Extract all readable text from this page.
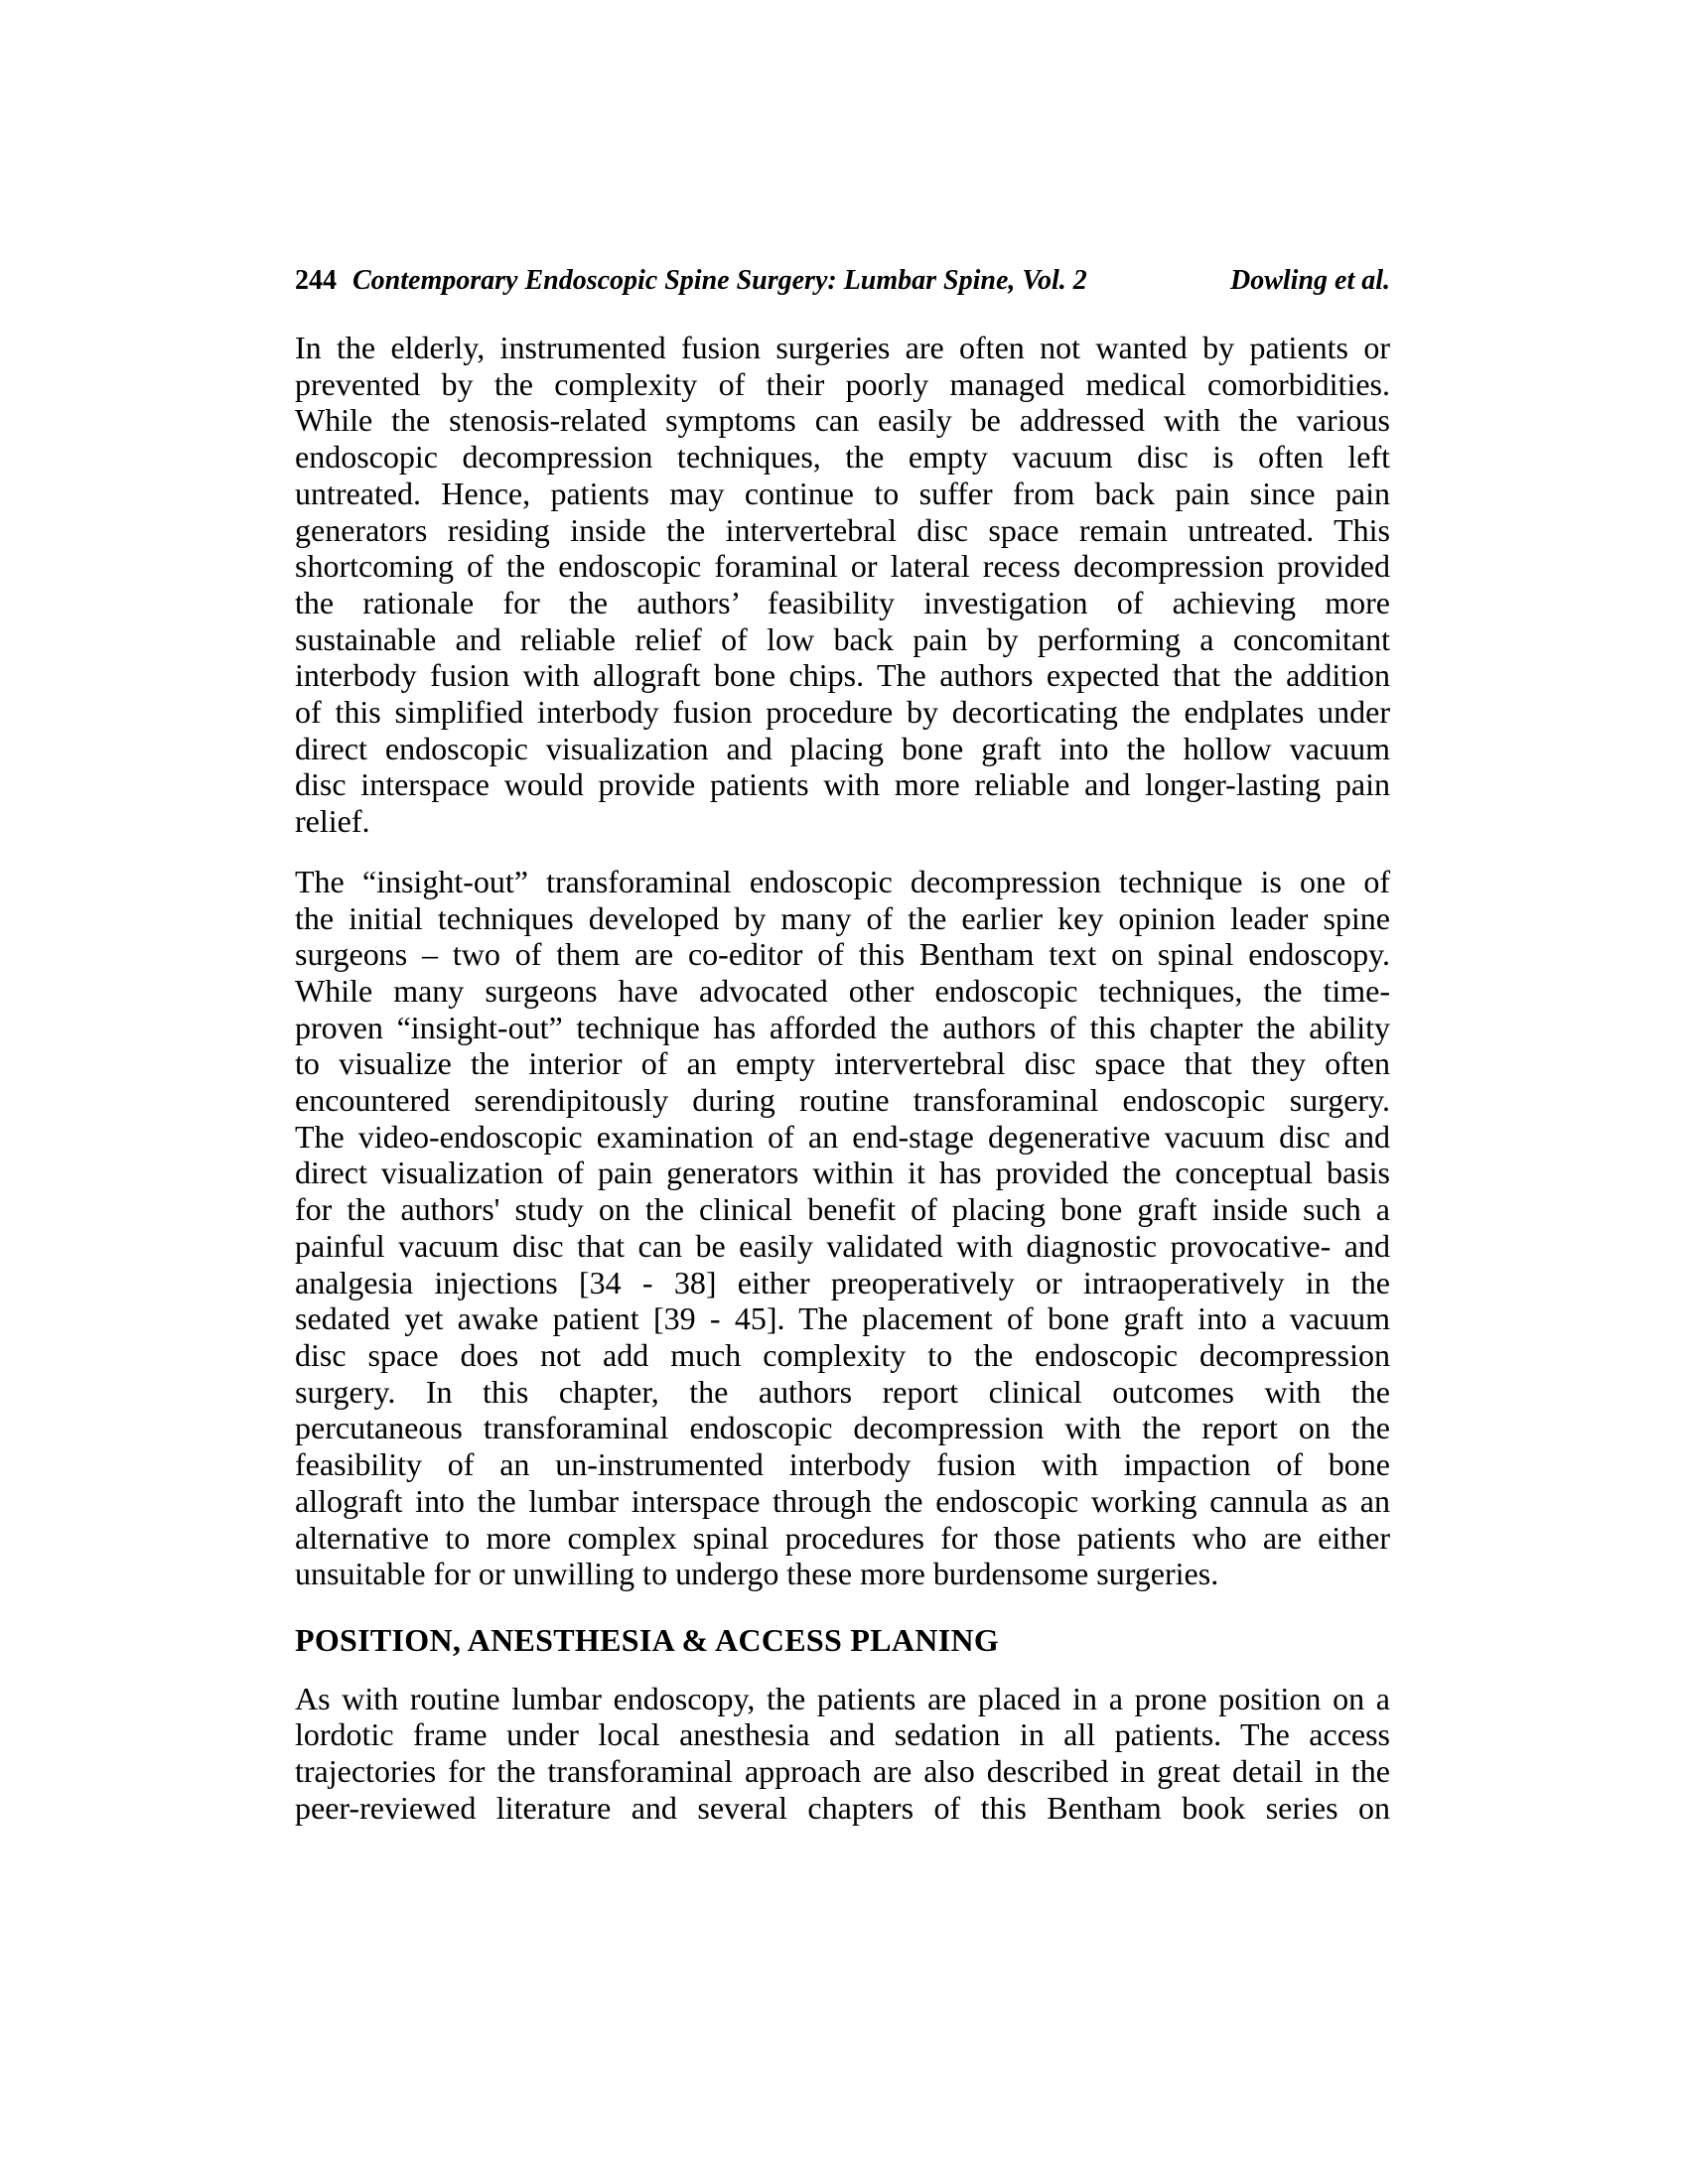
244 Contemporary Endoscopic Spine Surgery: Lumbar Spine, Vol. 2	Dowling et al.
In the elderly, instrumented fusion surgeries are often not wanted by patients or
prevented by the complexity of their poorly managed medical comorbidities.
While the stenosis-related symptoms can easily be addressed with the various
endoscopic decompression techniques, the empty vacuum disc is often left
untreated. Hence, patients may continue to suffer from back pain since pain
generators residing inside the intervertebral disc space remain untreated. This
shortcoming of the endoscopic foraminal or lateral recess decompression provided
the rationale for the authors’ feasibility investigation of achieving more
sustainable and reliable relief of low back pain by performing a concomitant
interbody fusion with allograft bone chips. The authors expected that the addition
of this simplified interbody fusion procedure by decorticating the endplates under
direct endoscopic visualization and placing bone graft into the hollow vacuum
disc interspace would provide patients with more reliable and longer-lasting pain
relief.
The “insight-out” transforaminal endoscopic decompression technique is one of
the initial techniques developed by many of the earlier key opinion leader spine
surgeons – two of them are co-editor of this Bentham text on spinal endoscopy.
While many surgeons have advocated other endoscopic techniques, the time-
proven “insight-out” technique has afforded the authors of this chapter the ability
to visualize the interior of an empty intervertebral disc space that they often
encountered serendipitously during routine transforaminal endoscopic surgery.
The video-endoscopic examination of an end-stage degenerative vacuum disc and
direct visualization of pain generators within it has provided the conceptual basis
for the authors' study on the clinical benefit of placing bone graft inside such a
painful vacuum disc that can be easily validated with diagnostic provocative- and
analgesia injections [34 - 38] either preoperatively or intraoperatively in the
sedated yet awake patient [39 - 45]. The placement of bone graft into a vacuum
disc space does not add much complexity to the endoscopic decompression
surgery. In this chapter, the authors report clinical outcomes with the
percutaneous transforaminal endoscopic decompression with the report on the
feasibility of an un-instrumented interbody fusion with impaction of bone
allograft into the lumbar interspace through the endoscopic working cannula as an
alternative to more complex spinal procedures for those patients who are either
unsuitable for or unwilling to undergo these more burdensome surgeries.
POSITION, ANESTHESIA & ACCESS PLANING
As with routine lumbar endoscopy, the patients are placed in a prone position on a
lordotic frame under local anesthesia and sedation in all patients. The access
trajectories for the transforaminal approach are also described in great detail in the
peer-reviewed literature and several chapters of this Bentham book series on
